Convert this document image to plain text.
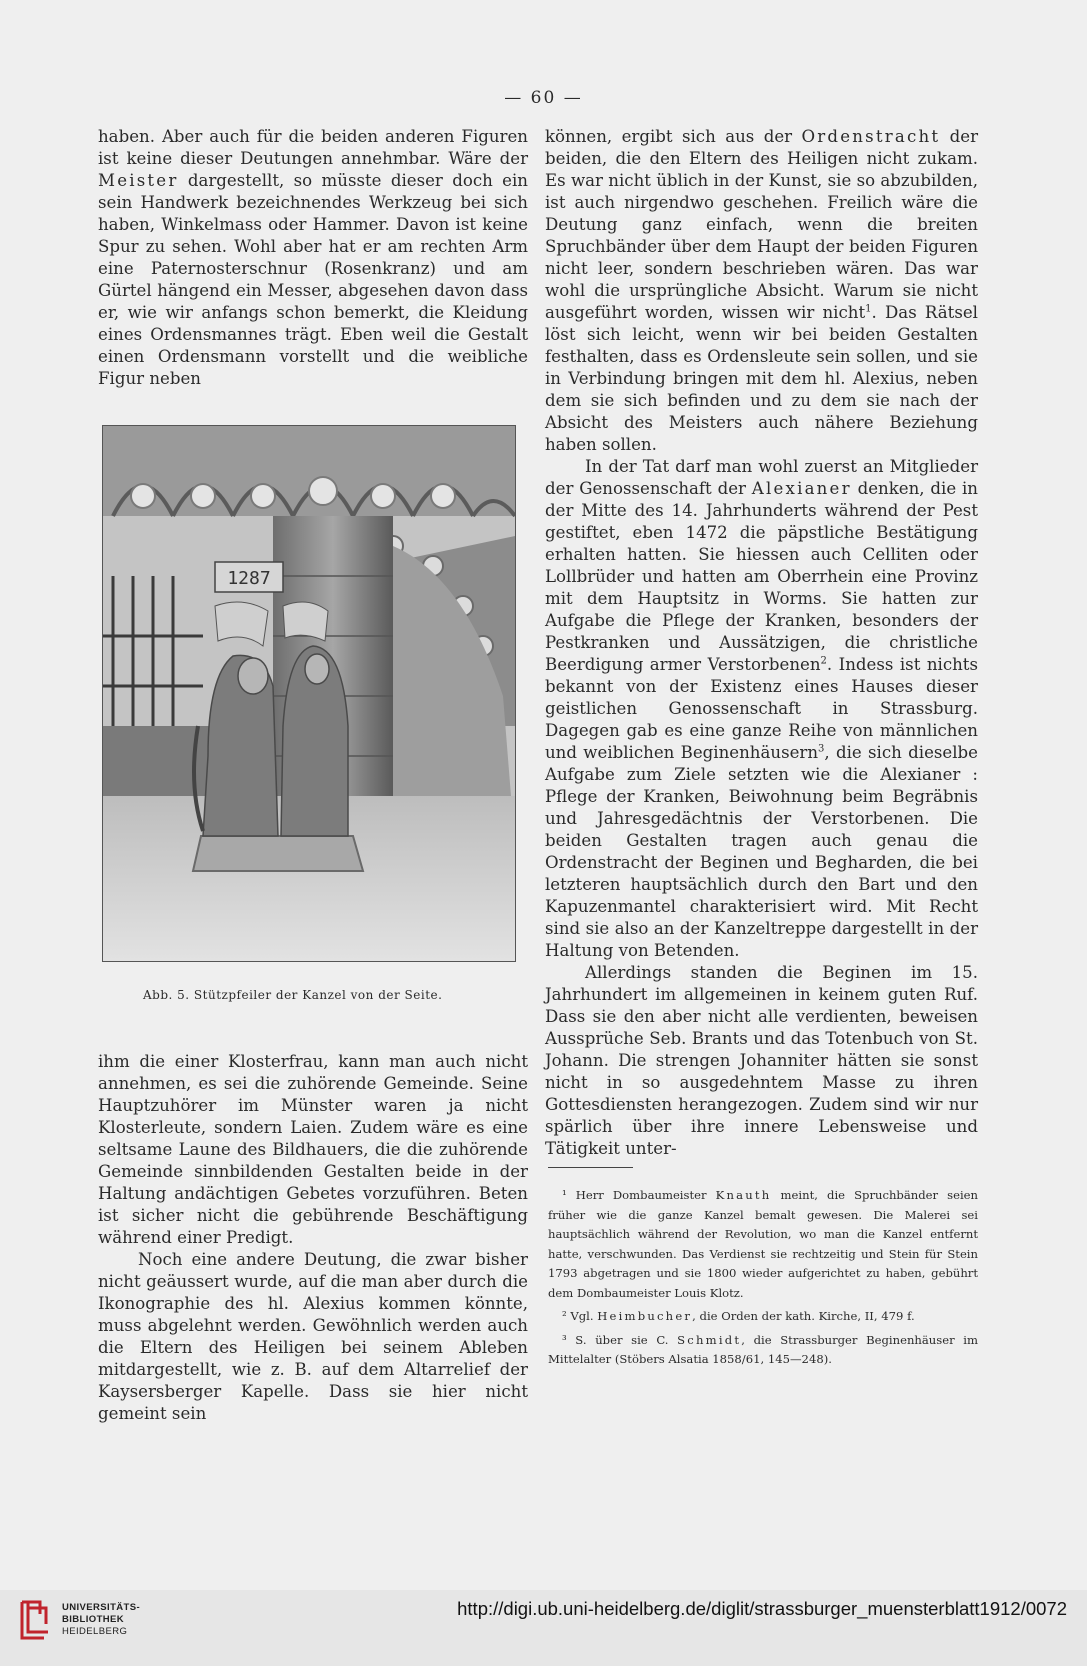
— 60 —

haben. Aber auch für die beiden anderen Figuren ist keine dieser Deutungen annehmbar. Wäre der Meister dargestellt, so müsste dieser doch ein sein Handwerk bezeichnendes Werkzeug bei sich haben, Winkelmass oder Hammer. Davon ist keine Spur zu sehen. Wohl aber hat er am rechten Arm eine Paternosterschnur (Rosenkranz) und am Gürtel hängend ein Messer, abgesehen davon dass er, wie wir anfangs schon bemerkt, die Kleidung eines Ordensmannes trägt. Eben weil die Gestalt einen Ordensmann vorstellt und die weibliche Figur neben

1287
Abb. 5. Stützpfeiler der Kanzel von der Seite.

ihm die einer Klosterfrau, kann man auch nicht annehmen, es sei die zuhörende Gemeinde. Seine Hauptzuhörer im Münster waren ja nicht Klosterleute, sondern Laien. Zudem wäre es eine seltsame Laune des Bildhauers, die die zuhörende Gemeinde sinnbildenden Gestalten beide in der Haltung andächtigen Gebetes vorzuführen. Beten ist sicher nicht die gebührende Beschäftigung während einer Predigt.

Noch eine andere Deutung, die zwar bisher nicht geäussert wurde, auf die man aber durch die Ikonographie des hl. Alexius kommen könnte, muss abgelehnt werden. Gewöhnlich werden auch die Eltern des Heiligen bei seinem Ableben mitdargestellt, wie z. B. auf dem Altarrelief der Kaysersberger Kapelle. Dass sie hier nicht gemeint sein

können, ergibt sich aus der Ordenstracht der beiden, die den Eltern des Heiligen nicht zukam. Es war nicht üblich in der Kunst, sie so abzubilden, ist auch nirgendwo geschehen. Freilich wäre die Deutung ganz einfach, wenn die breiten Spruchbänder über dem Haupt der beiden Figuren nicht leer, sondern beschrieben wären. Das war wohl die ursprüngliche Absicht. Warum sie nicht ausgeführt worden, wissen wir nicht$^1$. Das Rätsel löst sich leicht, wenn wir bei beiden Gestalten festhalten, dass es Ordensleute sein sollen, und sie in Verbindung bringen mit dem hl. Alexius, neben dem sie sich befinden und zu dem sie nach der Absicht des Meisters auch nähere Beziehung haben sollen.

In der Tat darf man wohl zuerst an Mitglieder der Genossenschaft der Alexianer denken, die in der Mitte des 14. Jahrhunderts während der Pest gestiftet, eben 1472 die päpstliche Bestätigung erhalten hatten. Sie hiessen auch Celliten oder Lollbrüder und hatten am Oberrhein eine Provinz mit dem Hauptsitz in Worms. Sie hatten zur Aufgabe die Pflege der Kranken, besonders der Pestkranken und Aussätzigen, die christliche Beerdigung armer Verstorbenen$^2$. Indess ist nichts bekannt von der Existenz eines Hauses dieser geistlichen Genossenschaft in Strassburg. Dagegen gab es eine ganze Reihe von männlichen und weiblichen Beginenhäusern$^3$, die sich dieselbe Aufgabe zum Ziele setzten wie die Alexianer : Pflege der Kranken, Beiwohnung beim Begräbnis und Jahresgedächtnis der Verstorbenen. Die beiden Gestalten tragen auch genau die Ordenstracht der Beginen und Begharden, die bei letzteren hauptsächlich durch den Bart und den Kapuzenmantel charakterisiert wird. Mit Recht sind sie also an der Kanzeltreppe dargestellt in der Haltung von Betenden.

Allerdings standen die Beginen im 15. Jahrhundert im allgemeinen in keinem guten Ruf. Dass sie den aber nicht alle verdienten, beweisen Aussprüche Seb. Brants und das Totenbuch von St. Johann. Die strengen Johanniter hätten sie sonst nicht in so ausgedehntem Masse zu ihren Gottesdiensten herangezogen. Zudem sind wir nur spärlich über ihre innere Lebensweise und Tätigkeit unter-

¹ Herr Dombaumeister Knauth meint, die Spruchbänder seien früher wie die ganze Kanzel bemalt gewesen. Die Malerei sei hauptsächlich während der Revolution, wo man die Kanzel entfernt hatte, verschwunden. Das Verdienst sie rechtzeitig und Stein für Stein 1793 abgetragen und sie 1800 wieder aufgerichtet zu haben, gebührt dem Dombaumeister Louis Klotz.

² Vgl. Heimbucher, die Orden der kath. Kirche, II, 479 f.

³ S. über sie C. Schmidt, die Strassburger Beginenhäuser im Mittelalter (Stöbers Alsatia 1858/61, 145—248).

UNIVERSITÄTS-
BIBLIOTHEK
HEIDELBERG
http://digi.ub.uni-heidelberg.de/diglit/strassburger_muensterblatt1912/0072
